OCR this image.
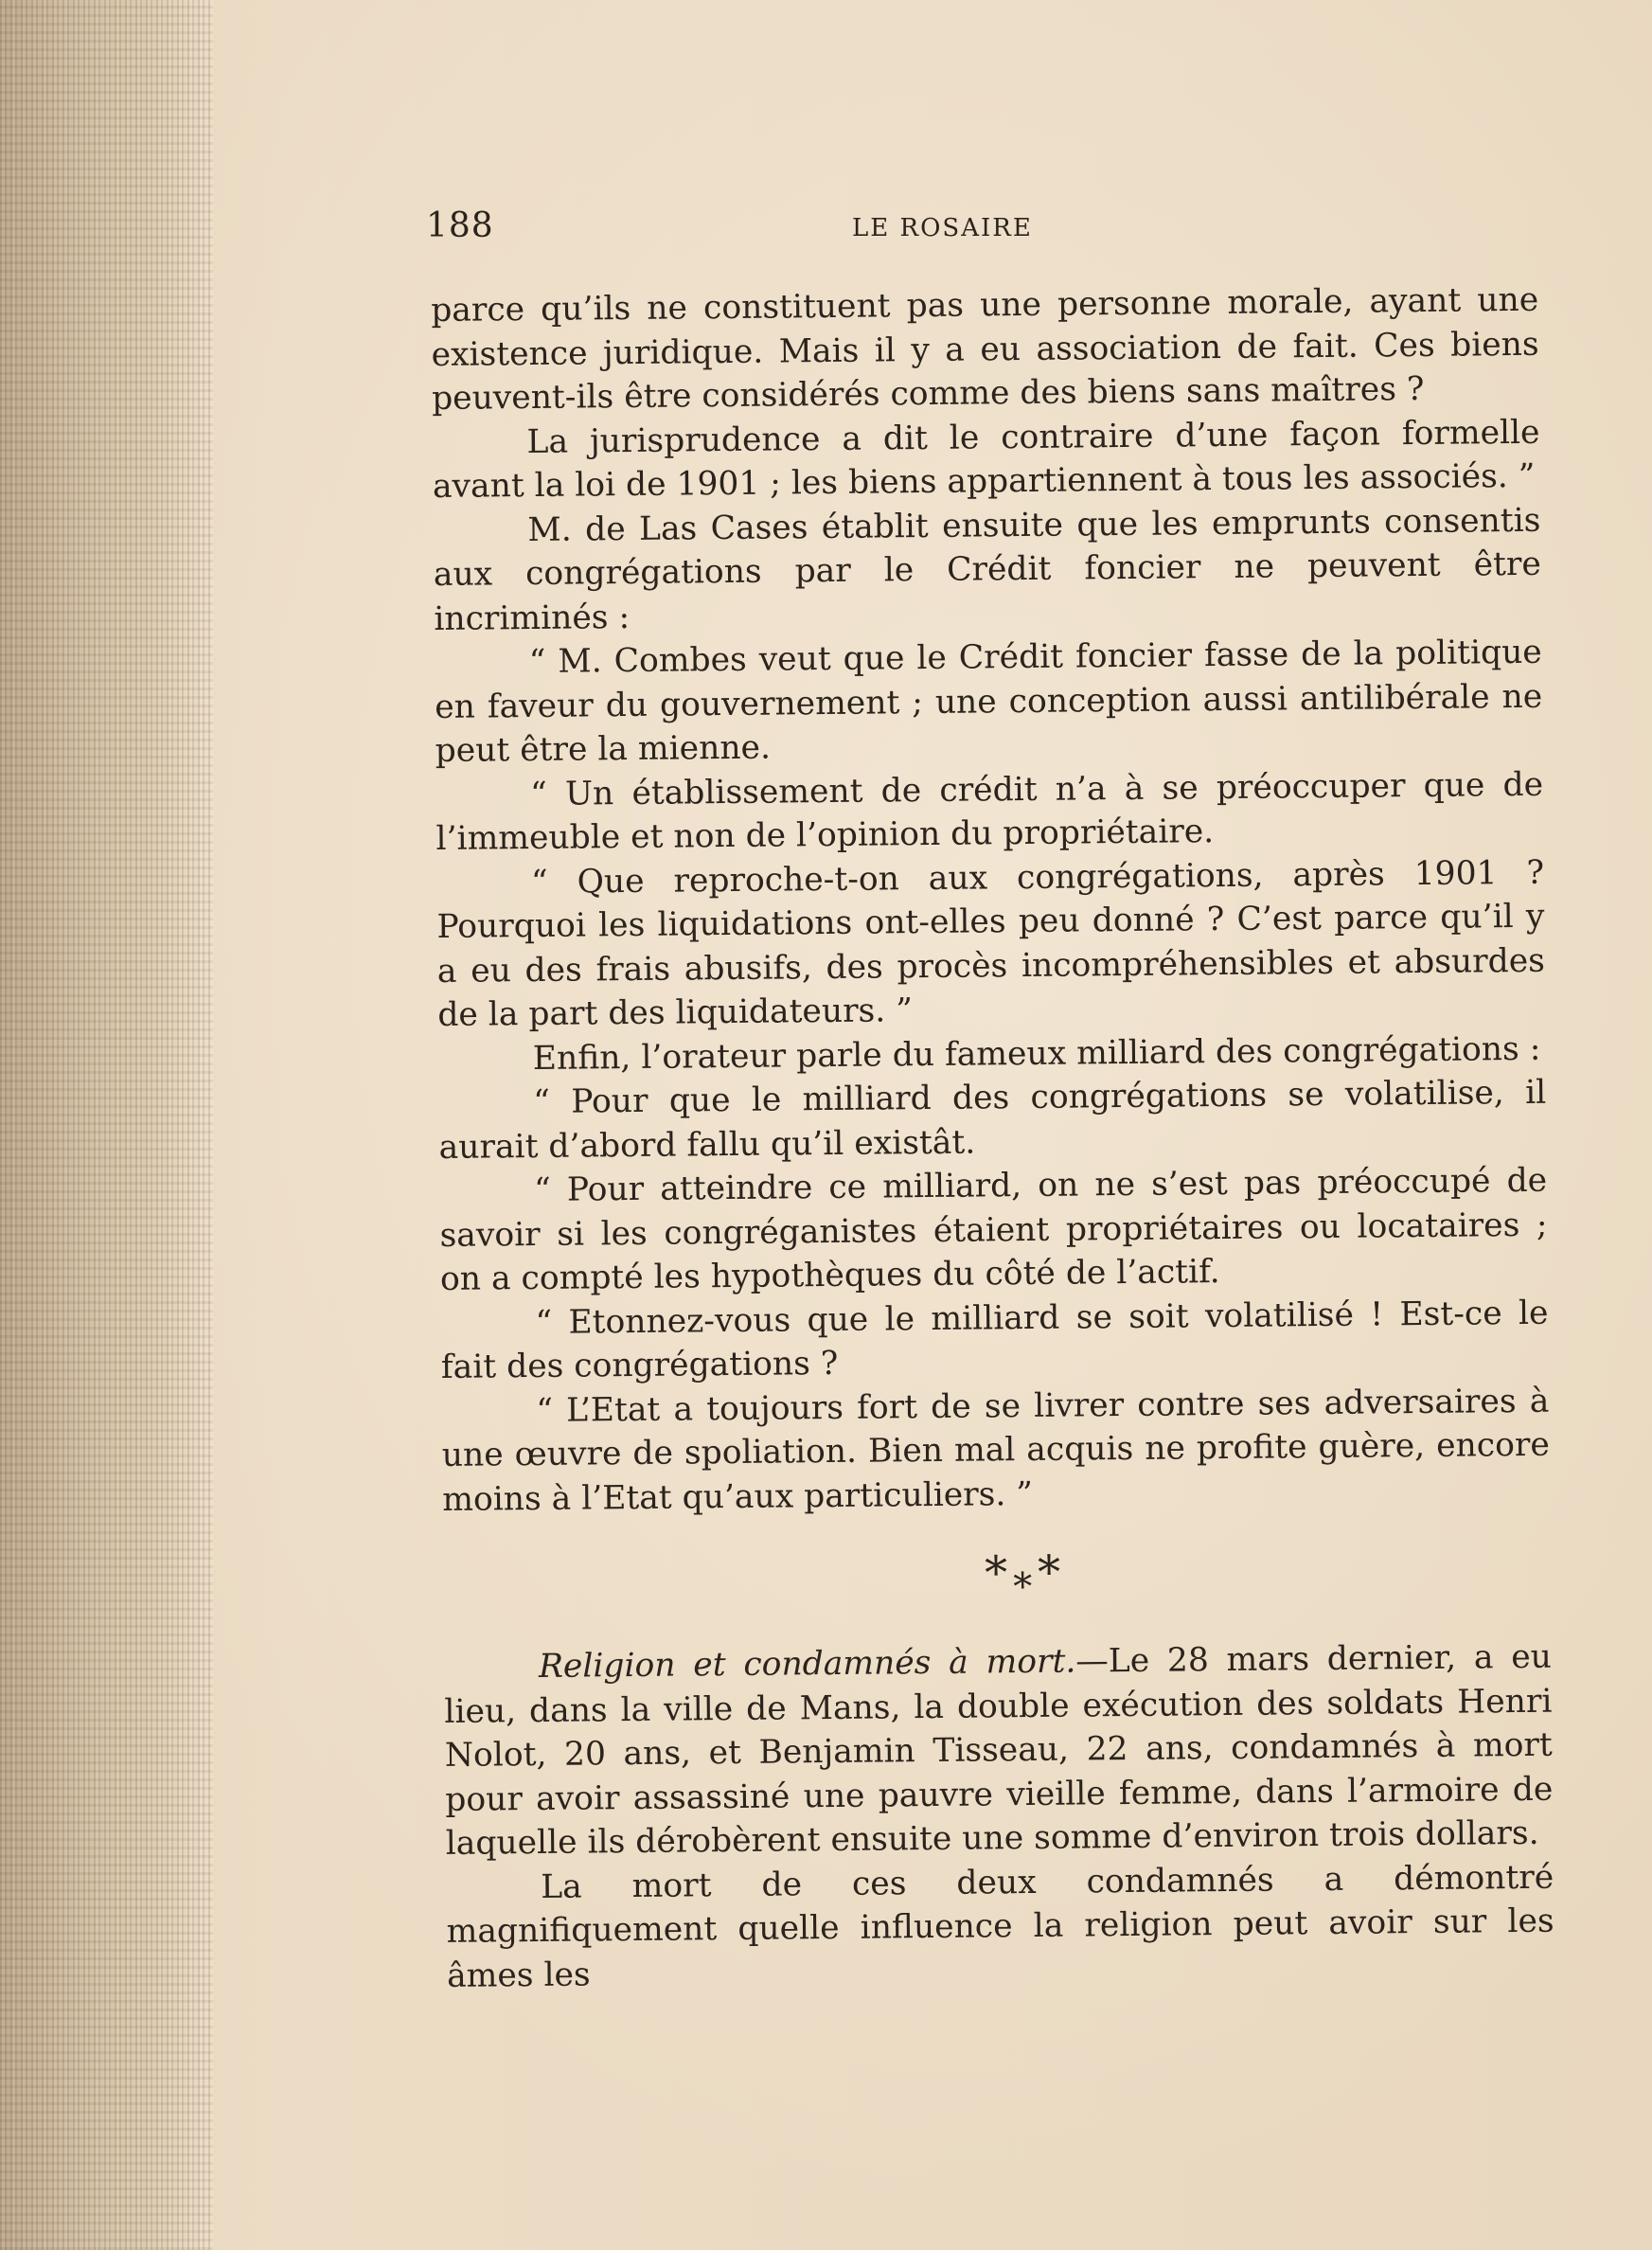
188	LE ROSAIRE

parce qu’ils ne constituent pas une personne morale, ayant une existence juridique. Mais il y a eu association de fait. Ces biens peuvent-ils être considérés comme des biens sans maîtres ?

La jurisprudence a dit le contraire d’une façon formelle avant la loi de 1901 ; les biens appartiennent à tous les associés. ”

M. de Las Cases établit ensuite que les emprunts consentis aux congrégations par le Crédit foncier ne peuvent être incriminés :

“ M. Combes veut que le Crédit foncier fasse de la politique en faveur du gouvernement ; une conception aussi antilibérale ne peut être la mienne.

“ Un établissement de crédit n’a à se préoccuper que de l’immeuble et non de l’opinion du propriétaire.

“ Que reproche-t-on aux congrégations, après 1901 ? Pourquoi les liquidations ont-elles peu donné ? C’est parce qu’il y a eu des frais abusifs, des procès incompréhensibles et absurdes de la part des liquidateurs. ”

Enfin, l’orateur parle du fameux milliard des congrégations :

“ Pour que le milliard des congrégations se volatilise, il aurait d’abord fallu qu’il existât.

“ Pour atteindre ce milliard, on ne s’est pas préoccupé de savoir si les congréganistes étaient propriétaires ou locataires ; on a compté les hypothèques du côté de l’actif.

“ Etonnez-vous que le milliard se soit volatilisé ! Est-ce le fait des congrégations ?

“ L’Etat a toujours fort de se livrer contre ses adversaires à une œuvre de spoliation. Bien mal acquis ne profite guère, encore moins à l’Etat qu’aux particuliers. ”

***

Religion et condamnés à mort.—Le 28 mars dernier, a eu lieu, dans la ville de Mans, la double exécution des soldats Henri Nolot, 20 ans, et Benjamin Tisseau, 22 ans, condamnés à mort pour avoir assassiné une pauvre vieille femme, dans l’armoire de laquelle ils dérobèrent ensuite une somme d’environ trois dollars.

La mort de ces deux condamnés a démontré magnifiquement quelle influence la religion peut avoir sur les âmes les
